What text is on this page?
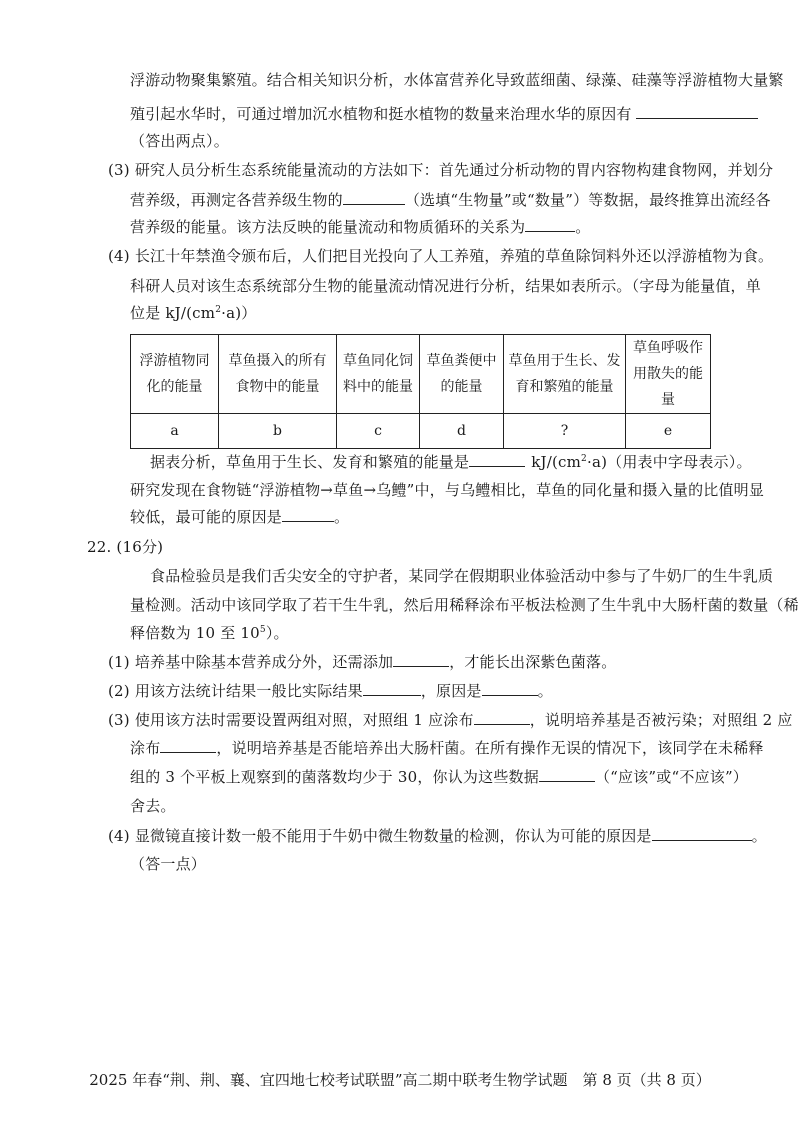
浮游动物聚集繁殖。结合相关知识分析，水体富营养化导致蓝细菌、绿藻、硅藻等浮游植物大量繁
殖引起水华时，可通过增加沉水植物和挺水植物的数量来治理水华的原因有
（答出两点）。
(3) 研究人员分析生态系统能量流动的方法如下：首先通过分析动物的胃内容物构建食物网，并划分
营养级，再测定各营养级生物的	（选填“生物量”或“数量”）等数据，最终推算出流经各
营养级的能量。该方法反映的能量流动和物质循环的关系为	。
(4) 长江十年禁渔令颁布后，人们把目光投向了人工养殖，养殖的草鱼除饲料外还以浮游植物为食。
科研人员对该生态系统部分生物的能量流动情况进行分析，结果如表所示。（字母为能量值，单
位是 $kJ/(cm^2\cdot a)$）
浮游植物同化的能量	草鱼摄入的所有食物中的能量	草鱼同化饲料中的能量	草鱼粪便中的能量	草鱼用于生长、发育和繁殖的能量	草鱼呼吸作用散失的能量
a	b	c	d	?	e
据表分析，草鱼用于生长、发育和繁殖的能量是	$kJ/(cm^2\cdot a)$（用表中字母表示）。
研究发现在食物链“浮游植物→草鱼→乌鳢”中，与乌鳢相比，草鱼的同化量和摄入量的比值明显
较低，最可能的原因是	。
22. (16分)
食品检验员是我们舌尖安全的守护者，某同学在假期职业体验活动中参与了牛奶厂的生牛乳质
量检测。活动中该同学取了若干生牛乳，然后用稀释涂布平板法检测了生牛乳中大肠杆菌的数量（稀
释倍数为 10 至 $10^5$）。
(1) 培养基中除基本营养成分外，还需添加	，才能长出深紫色菌落。
(2) 用该方法统计结果一般比实际结果	，原因是	。
(3) 使用该方法时需要设置两组对照，对照组 1 应涂布	，说明培养基是否被污染；对照组 2 应
涂布	，说明培养基是否能培养出大肠杆菌。在所有操作无误的情况下，该同学在未稀释
组的 3 个平板上观察到的菌落数均少于 30，你认为这些数据	（“应该”或“不应该”）
舍去。
(4) 显微镜直接计数一般不能用于牛奶中微生物数量的检测，你认为可能的原因是	。
（答一点）
2025 年春“荆、荆、襄、宜四地七校考试联盟”高二期中联考生物学试题　第 8 页（共 8 页）
